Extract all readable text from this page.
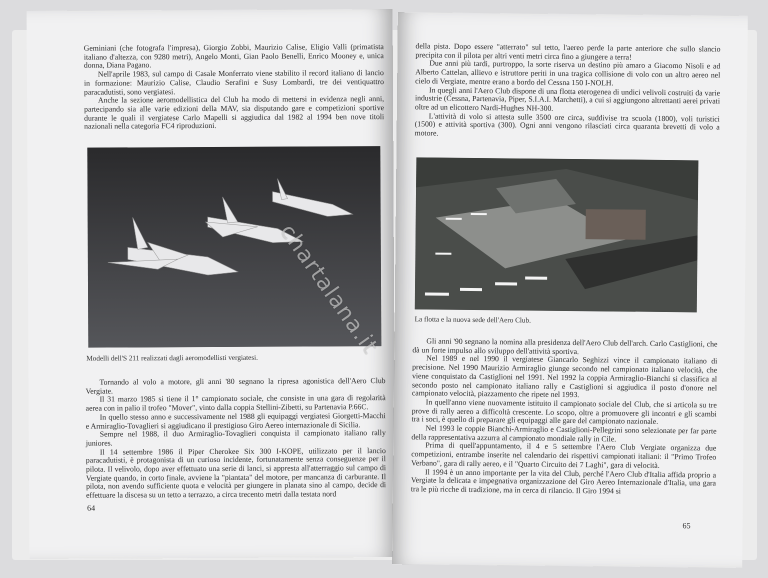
Geminiani (che fotografa l'impresa), Giorgio Zobbi, Maurizio Calise, Eligio Valli (primatista italiano d'altezza, con 9280 metri), Angelo Monti, Gian Paolo Benelli, Enrico Mooney e, unica donna, Diana Pagano.

Nell'aprile 1983, sul campo di Casale Monferrato viene stabilito il record italiano di lancio in formazione: Maurizio Calise, Claudio Serafini e Susy Lombardi, tre dei ventiquattro paracadutisti, sono vergiatesi.

Anche la sezione aeromodellistica del Club ha modo di mettersi in evidenza negli anni, partecipando sia alle varie edizioni della MAV, sia disputando gare e competizioni sportive durante le quali il vergiatese Carlo Mapelli si aggiudica dal 1982 al 1994 ben nove titoli nazionali nella categoria FC4 riproduzioni.

Modelli dell'S 211 realizzati dagli aeromodellisti vergiatesi.

Tornando al volo a motore, gli anni '80 segnano la ripresa agonistica dell'Aero Club Vergiate.

Il 31 marzo 1985 si tiene il 1° campionato sociale, che consiste in una gara di regolarità aerea con in palio il trofeo "Mover", vinto dalla coppia Stellini-Zibetti, su Partenavia P.66C.

In quello stesso anno e successivamente nel 1988 gli equipaggi vergiatesi Giorgetti-Macchi e Armiraglio-Tovaglieri si aggiudicano il prestigioso Giro Aereo internazionale di Sicilia.

Sempre nel 1988, il duo Armiraglio-Tovaglieri conquista il campionato italiano rally juniores.

Il 14 settembre 1986 il Piper Cherokee Six 300 I-KOPE, utilizzato per il lancio paracadutisti, è protagonista di un curioso incidente, fortunatamente senza conseguenze per il pilota. Il velivolo, dopo aver effettuato una serie di lanci, si appresta all'atterraggio sul campo di Vergiate quando, in corto finale, avviene la "piantata" del motore, per mancanza di carburante. Il pilota, non avendo sufficiente quota e velocità per giungere in planata sino al campo, decide di effettuare la discesa su un tetto a terrazzo, a circa trecento metri dalla testata nord

64

della pista. Dopo essere "atterrato" sul tetto, l'aereo perde la parte anteriore che sullo slancio precipita con il pilota per altri venti metri circa fino a giungere a terra!

Due anni più tardi, purtroppo, la sorte riserva un destino più amaro a Giacomo Nisoli e ad Alberto Cattelan, allievo e istruttore periti in una tragica collisione di volo con un altro aereo nel cielo di Vergiate, mentre erano a bordo del Cessna 150 I-NOLH.

In quegli anni l'Aero Club dispone di una flotta eterogenea di undici velivoli costruiti da varie industrie (Cessna, Partenavia, Piper, S.I.A.I. Marchetti), a cui si aggiungono altrettanti aerei privati oltre ad un elicottero Nardi-Hughes NH-300.

L'attività di volo si attesta sulle 3500 ore circa, suddivise tra scuola (1800), voli turistici (1500) e attività sportiva (300). Ogni anni vengono rilasciati circa quaranta brevetti di volo a motore.

La flotta e la nuova sede dell'Aero Club.

Gli anni '90 segnano la nomina alla presidenza dell'Aero Club dell'arch. Carlo Castiglioni, che dà un forte impulso allo sviluppo dell'attività sportiva.

Nel 1989 e nel 1990 il vergiatese Giancarlo Seghizzi vince il campionato italiano di precisione. Nel 1990 Maurizio Armiraglio giunge secondo nel campionato italiano velocità, che viene conquistato da Castiglioni nel 1991. Nel 1992 la coppia Armiraglio-Bianchi si classifica al secondo posto nel campionato italiano rally e Castiglioni si aggiudica il posto d'onore nel campionato velocità, piazzamento che ripete nel 1993.

In quell'anno viene nuovamente istituito il campionato sociale del Club, che si articola su tre prove di rally aereo a difficoltà crescente. Lo scopo, oltre a promuovere gli incontri e gli scambi tra i soci, è quello di preparare gli equipaggi alle gare del campionato nazionale.

Nel 1993 le coppie Bianchi-Armiraglio e Castiglioni-Pellegrini sono selezionate per far parte della rappresentativa azzurra al campionato mondiale rally in Cile.

Prima di quell'appuntamento, il 4 e 5 settembre l'Aero Club Vergiate organizza due competizioni, entrambe inserite nel calendario dei rispettivi campionati italiani: il "Primo Trofeo Verbano", gara di rally aereo, e il "Quarto Circuito dei 7 Laghi", gara di velocità.

Il 1994 è un anno importante per la vita del Club, perché l'Aero Club d'Italia affida proprio a Vergiate la delicata e impegnativa organizzazione del Giro Aereo Internazionale d'Italia, una gara tra le più ricche di tradizione, ma in cerca di rilancio. Il Giro 1994 si

65
chartalana.it
